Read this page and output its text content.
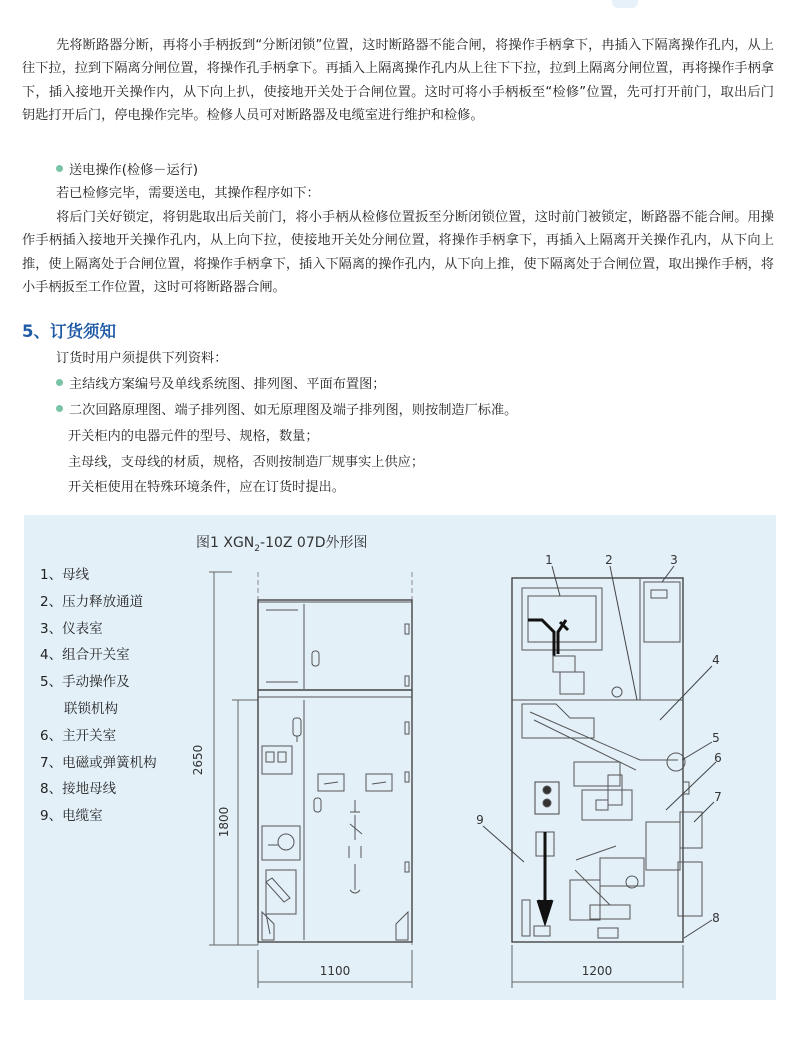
先将断路器分断，再将小手柄扳到“分断闭锁”位置，这时断路器不能合闸，将操作手柄拿下，冉插入下隔离操作孔内，从上往下拉，拉到下隔离分闸位置，将操作孔手柄拿下。再插入上隔离操作孔内从上往下下拉，拉到上隔离分闸位置，再将操作手柄拿下，插入接地开关操作内，从下向上扒，使接地开关处于合闸位置。这时可将小手柄板至“检修”位置，先可打开前门，取出后门钥匙打开后门，停电操作完毕。检修人员可对断路器及电缆室进行维护和检修。

送电操作(检修－运行)

若已检修完毕，需要送电，其操作程序如下：

将后门关好锁定，将钥匙取出后关前门，将小手柄从检修位置扳至分断闭锁位置，这时前门被锁定，断路器不能合闸。用操作手柄插入接地开关操作孔内，从上向下拉，使接地开关处分闸位置，将操作手柄拿下，再插入上隔离开关操作孔内，从下向上推，使上隔离处于合闸位置，将操作手柄拿下，插入下隔离的操作孔内，从下向上推，使下隔离处于合闸位置，取出操作手柄，将小手柄扳至工作位置，这时可将断路器合闸。

5、订货须知

订货时用户须提供下列资料：

主结线方案编号及单线系统图、排列图、平面布置图；

二次回路原理图、端子排列图、如无原理图及端子排列图，则按制造厂标准。

开关柜内的电器元件的型号、规格，数量；

主母线，支母线的材质，规格，否则按制造厂规事实上供应；

开关柜使用在特殊环境条件，应在订货时提出。

图1 $XGN_2-10Z$ 07D外形图
1、母线
2、压力释放通道
3、仪表室
4、组合开关室
5、手动操作及
联锁机构
6、主开关室
7、电磁或弹簧机构
8、接地母线
9、电缆室
2650
1800
1100	1200
1	2	3
4
5
6
7
8
9
